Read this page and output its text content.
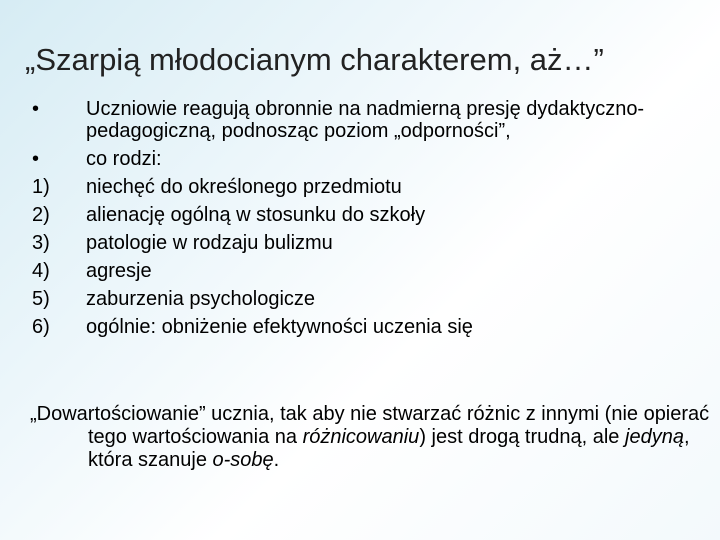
„Szarpią młodocianym charakterem, aż…”
•	Uczniowie reagują obronnie na nadmierną presję dydaktyczno-pedagogiczną, podnosząc poziom „odporności”,
•	co rodzi:
1)	niechęć do określonego przedmiotu
2)	alienację ogólną w stosunku do szkoły
3)	patologie w rodzaju bulizmu
4)	agresje
5)	zaburzenia psychologicze
6)	ogólnie: obniżenie efektywności uczenia się
„Dowartościowanie” ucznia, tak aby nie stwarzać różnic z innymi (nie opierać tego wartościowania na różnicowaniu) jest drogą trudną, ale jedyną, która szanuje o-sobę.
